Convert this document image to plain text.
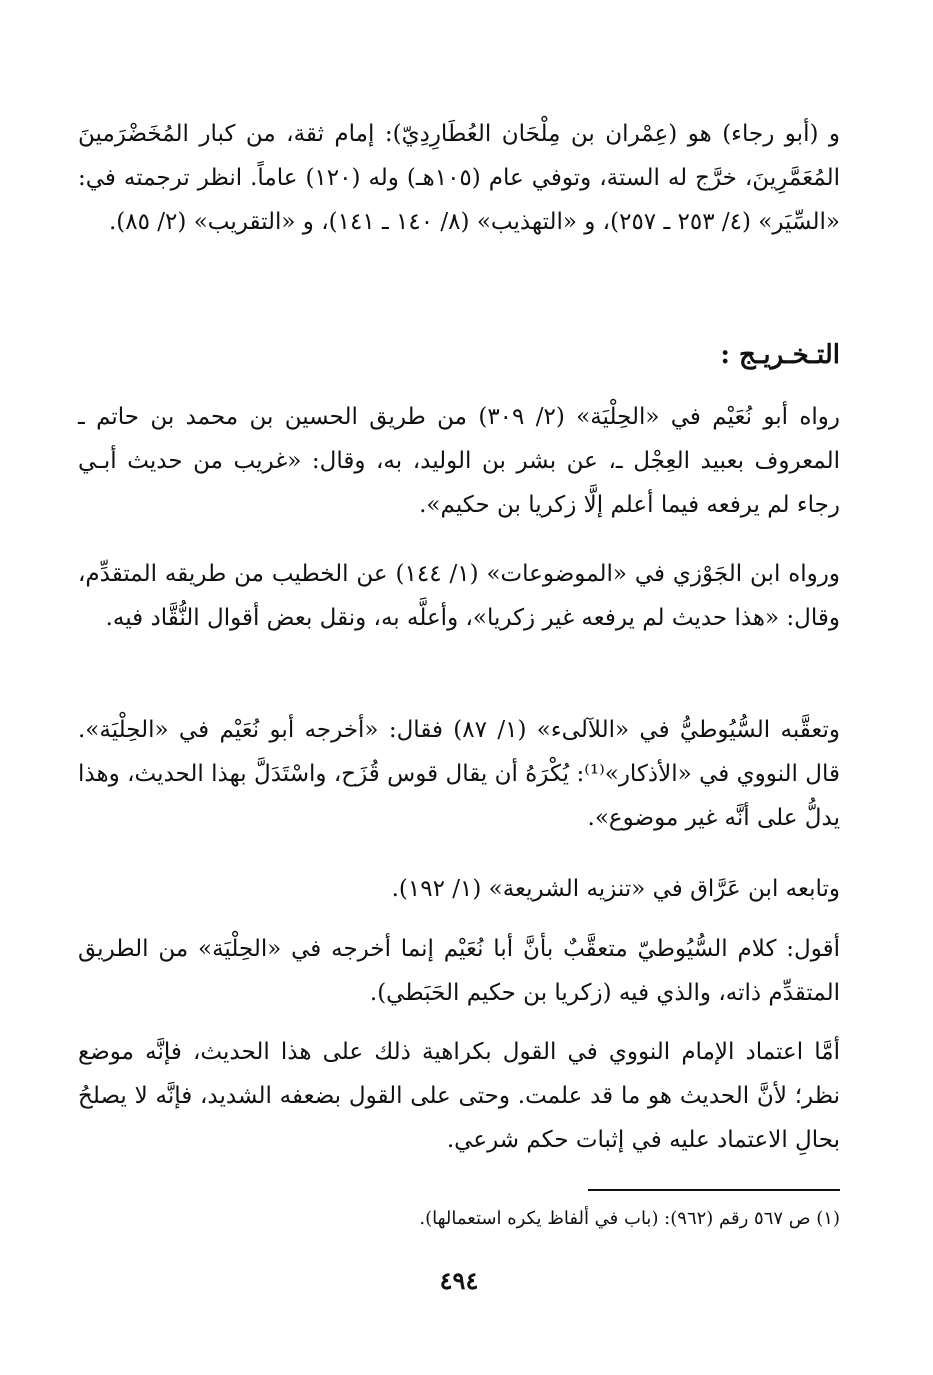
و (أبو رجاء) هو (عِمْران بن مِلْحَان العُطَارِدِيّ): إمام ثقة، من كبار المُخَضْرَمينَ المُعَمَّرِينَ، خرَّج له الستة، وتوفي عام (١٠٥هـ) وله (١٢٠) عاماً. انظر ترجمته في: «السِّيَر» (٤/ ٢٥٣ ـ ٢٥٧)، و «التهذيب» (٨/ ١٤٠ ـ ١٤١)، و «التقريب» (٢/ ٨٥).

التـخـريـج :

رواه أبو نُعَيْم في «الحِلْيَة» (٢/ ٣٠٩) من طريق الحسين بن محمد بن حاتم ـ المعروف بعبيد العِجْل ـ، عن بشر بن الوليد، به، وقال: «غريب من حديث أبـي رجاء لم يرفعه فيما أعلم إلَّا زكريا بن حكيم».

ورواه ابن الجَوْزي في «الموضوعات» (١/ ١٤٤) عن الخطيب من طريقه المتقدِّم، وقال: «هذا حديث لم يرفعه غير زكريا»، وأعلَّه به، ونقل بعض أقوال النُّقَّاد فيه.

وتعقَّبه السُّيُوطيُّ في «اللآلىء» (١/ ٨٧) فقال: «أخرجه أبو نُعَيْم في «الحِلْيَة». قال النووي في «الأذكار»⁽¹⁾: يُكْرَهُ أن يقال قوس قُزَح، واسْتَدَلَّ بهذا الحديث، وهذا يدلُّ على أنَّه غير موضوع».

وتابعه ابن عَرَّاق في «تنزيه الشريعة» (١/ ١٩٢).

أقول: كلام السُّيُوطيّ متعقَّبٌ بأنَّ أبا نُعَيْم إنما أخرجه في «الحِلْيَة» من الطريق المتقدِّم ذاته، والذي فيه (زكريا بن حكيم الحَبَطي).

أمَّا اعتماد الإمام النووي في القول بكراهية ذلك على هذا الحديث، فإنَّه موضع نظر؛ لأنَّ الحديث هو ما قد علمت. وحتى على القول بضعفه الشديد، فإنَّه لا يصلحُ بحالِ الاعتماد عليه في إثبات حكم شرعي.

(١) ص ٥٦٧ رقم (٩٦٢): (باب في ألفاظ يكره استعمالها).

٤٩٤
